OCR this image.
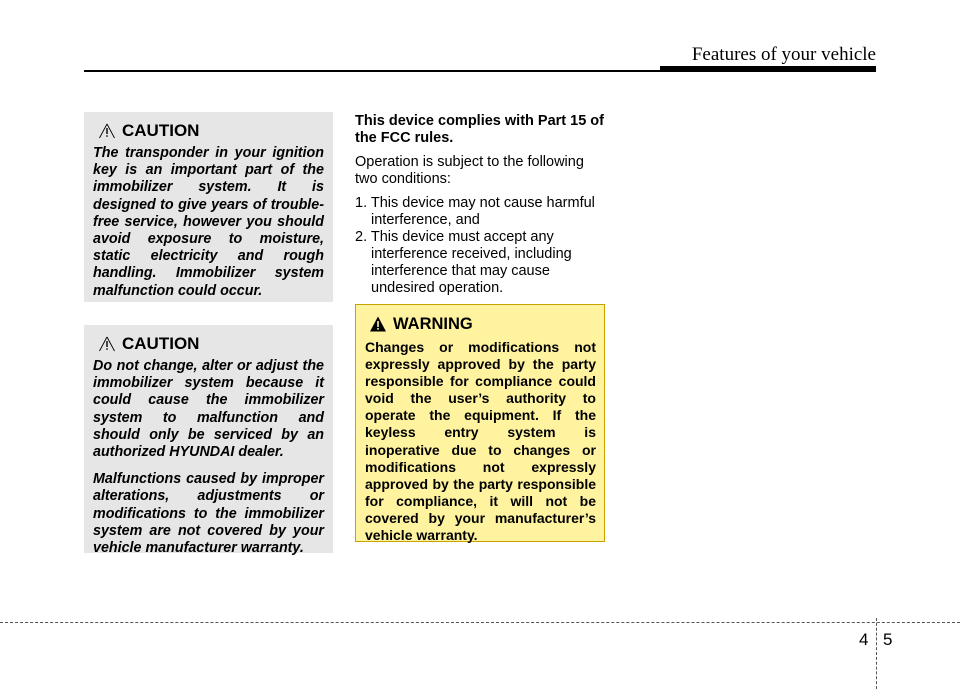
Features of your vehicle
CAUTION

The transponder in your ignition key is an important part of the immobilizer system. It is designed to give years of trouble-free service, however you should avoid exposure to moisture, static electricity and rough handling. Immobilizer system malfunction could occur.

CAUTION

Do not change, alter or adjust the immobilizer system because it could cause the immobilizer system to malfunction and should only be serviced by an authorized HYUNDAI dealer.

Malfunctions caused by improper alterations, adjustments or modifications to the immobilizer system are not covered by your vehicle manufacturer warranty.

This device complies with Part 15 of the FCC rules.

Operation is subject to the following two conditions:

1. This device may not cause harmful interference, and
2. This device must accept any interference received, including interference that may cause undesired operation.
WARNING

Changes or modifications not expressly approved by the party responsible for compliance could void the user’s authority to operate the equipment. If the keyless entry system is inoperative due to changes or modifications not expressly approved by the party responsible for compliance, it will not be covered by your manufacturer’s vehicle warranty.

4 5
